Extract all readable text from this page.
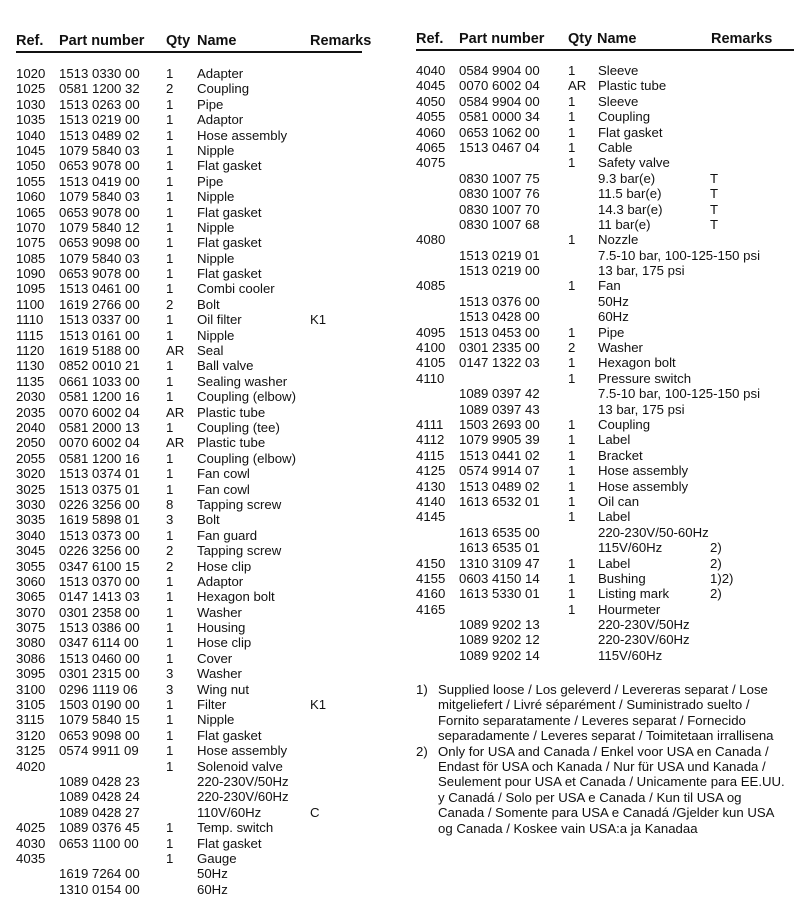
Ref. Part number Qty Name	Remarks
1020 1513 0330 00 1 Adapter
1025 0581 1200 32 2 Coupling
1030 1513 0263 00 1 Pipe
1035 1513 0219 00 1 Adaptor
1040 1513 0489 02 1 Hose assembly
1045 1079 5840 03 1 Nipple
1050 0653 9078 00 1 Flat gasket
1055 1513 0419 00 1 Pipe
1060 1079 5840 03 1 Nipple
1065 0653 9078 00 1 Flat gasket
1070 1079 5840 12 1 Nipple
1075 0653 9098 00 1 Flat gasket
1085 1079 5840 03 1 Nipple
1090 0653 9078 00 1 Flat gasket
1095 1513 0461 00 1 Combi cooler
1100 1619 2766 00 2 Bolt
1110 1513 0337 00 1 Oil filter	K1
1115 1513 0161 00 1 Nipple
1120 1619 5188 00 AR Seal
1130 0852 0010 21 1 Ball valve
1135 0661 1033 00 1 Sealing washer
2030 0581 1200 16 1 Coupling (elbow)
2035 0070 6002 04 AR Plastic tube
2040 0581 2000 13 1 Coupling (tee)
2050 0070 6002 04 AR Plastic tube
2055 0581 1200 16 1 Coupling (elbow)
3020 1513 0374 01 1 Fan cowl
3025 1513 0375 01 1 Fan cowl
3030 0226 3256 00 8 Tapping screw
3035 1619 5898 01 3 Bolt
3040 1513 0373 00 1 Fan guard
3045 0226 3256 00 2 Tapping screw
3055 0347 6100 15 2 Hose clip
3060 1513 0370 00 1 Adaptor
3065 0147 1413 03 1 Hexagon bolt
3070 0301 2358 00 1 Washer
3075 1513 0386 00 1 Housing
3080 0347 6114 00 1 Hose clip
3086 1513 0460 00 1 Cover
3095 0301 2315 00 3 Washer
3100 0296 1119 06 3 Wing nut
3105 1503 0190 00 1 Filter	K1
3115 1079 5840 15 1 Nipple
3120 0653 9098 00 1 Flat gasket
3125 0574 9911 09 1 Hose assembly
4020	1 Solenoid valve
1089 0428 23	220-230V/50Hz
1089 0428 24	220-230V/60Hz
1089 0428 27	110V/60Hz	C
4025 1089 0376 45 1 Temp. switch
4030 0653 1100 00 1 Flat gasket
4035	1 Gauge
1619 7264 00	50Hz
1310 0154 00	60Hz
Ref. Part number Qty Name	Remarks
4040 0584 9904 00 1 Sleeve
4045 0070 6002 04 AR Plastic tube
4050 0584 9904 00 1 Sleeve
4055 0581 0000 34 1 Coupling
4060 0653 1062 00 1 Flat gasket
4065 1513 0467 04 1 Cable
4075	1 Safety valve
0830 1007 75	9.3 bar(e)	T
0830 1007 76	11.5 bar(e)	T
0830 1007 70	14.3 bar(e)	T
0830 1007 68	11 bar(e)	T
4080	1 Nozzle
1513 0219 01	7.5-10 bar, 100-125-150 psi
1513 0219 00	13 bar, 175 psi
4085	1 Fan
1513 0376 00	50Hz
1513 0428 00	60Hz
4095 1513 0453 00 1 Pipe
4100 0301 2335 00 2 Washer
4105 0147 1322 03 1 Hexagon bolt
4110	1 Pressure switch
1089 0397 42	7.5-10 bar, 100-125-150 psi
1089 0397 43	13 bar, 175 psi
4111 1503 2693 00 1 Coupling
4112 1079 9905 39 1 Label
4115 1513 0441 02 1 Bracket
4125 0574 9914 07 1 Hose assembly
4130 1513 0489 02 1 Hose assembly
4140 1613 6532 01 1 Oil can
4145	1 Label
1613 6535 00	220-230V/50-60Hz
1613 6535 01	115V/60Hz	2)
4150 1310 3109 47 1 Label	2)
4155 0603 4150 14 1 Bushing	1)2)
4160 1613 5330 01 1 Listing mark	2)
4165	1 Hourmeter
1089 9202 13	220-230V/50Hz
1089 9202 12	220-230V/60Hz
1089 9202 14	115V/60Hz
1) Supplied loose / Los geleverd / Levereras separat / Lose mitgeliefert / Livré séparément / Suministrado suelto / Fornito separatamente / Leveres separat / Fornecido separadamente / Leveres separat / Toimitetaan irrallisena
2) Only for USA and Canada / Enkel voor USA en Canada / Endast för USA och Kanada / Nur für USA und Kanada / Seulement pour USA et Canada / Unicamente para EE.UU. y Canadá / Solo per USA e Canada / Kun til USA og Canada / Somente para USA e Canadá /Gjelder kun USA og Canada / Koskee vain USA:a ja Kanadaa
